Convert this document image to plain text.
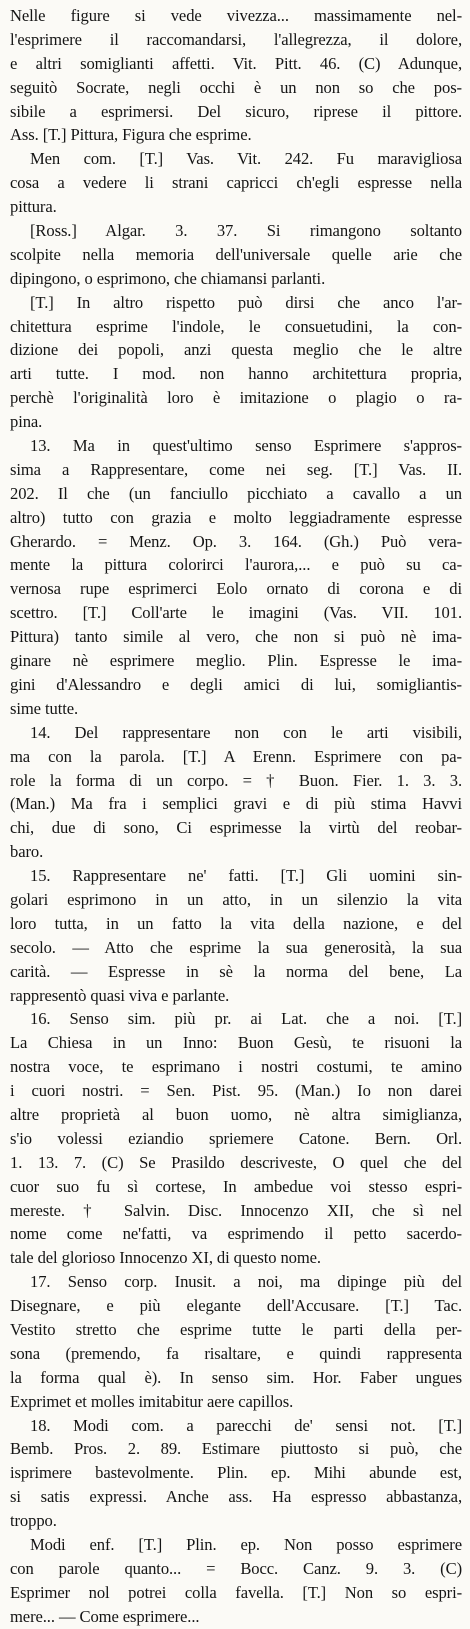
Nelle figure si vede vivezza... massimamente nel-
l'esprimere il raccomandarsi, l'allegrezza, il dolore,
e altri somiglianti affetti. Vit. Pitt. 46. (C) Adunque,
seguitò Socrate, negli occhi è un non so che pos-
sibile a esprimersi. Del sicuro, riprese il pittore.
Ass. [T.] Pittura, Figura che esprime.
Men com. [T.] Vas. Vit. 242. Fu maravigliosa
cosa a vedere li strani capricci ch'egli espresse nella
pittura.
[Ross.] Algar. 3. 37. Si rimangono soltanto
scolpite nella memoria dell'universale quelle arie che
dipingono, o esprimono, che chiamansi parlanti.
[T.] In altro rispetto può dirsi che anco l'ar-
chitettura esprime l'indole, le consuetudini, la con-
dizione dei popoli, anzi questa meglio che le altre
arti tutte. I mod. non hanno architettura propria,
perchè l'originalità loro è imitazione o plagio o ra-
pina.
13. Ma in quest'ultimo senso Esprimere s'appros-
sima a Rappresentare, come nei seg. [T.] Vas. II.
202. Il che (un fanciullo picchiato a cavallo a un
altro) tutto con grazia e molto leggiadramente espresse
Gherardo. = Menz. Op. 3. 164. (Gh.) Può vera-
mente la pittura colorirci l'aurora,... e può su ca-
vernosa rupe esprimerci Eolo ornato di corona e di
scettro. [T.] Coll'arte le imagini (Vas. VII. 101.
Pittura) tanto simile al vero, che non si può nè ima-
ginare nè esprimere meglio. Plin. Espresse le ima-
gini d'Alessandro e degli amici di lui, somigliantis-
sime tutte.
14. Del rappresentare non con le arti visibili,
ma con la parola. [T.] A Erenn. Esprimere con pa-
role la forma di un corpo. = † Buon. Fier. 1. 3. 3.
(Man.) Ma fra i semplici gravi e di più stima Havvi
chi, due di sono, Ci esprimesse la virtù del reobar-
baro.
15. Rappresentare ne' fatti. [T.] Gli uomini sin-
golari esprimono in un atto, in un silenzio la vita
loro tutta, in un fatto la vita della nazione, e del
secolo. — Atto che esprime la sua generosità, la sua
carità. — Espresse in sè la norma del bene, La
rappresentò quasi viva e parlante.
16. Senso sim. più pr. ai Lat. che a noi. [T.]
La Chiesa in un Inno: Buon Gesù, te risuoni la
nostra voce, te esprimano i nostri costumi, te amino
i cuori nostri. = Sen. Pist. 95. (Man.) Io non darei
altre proprietà al buon uomo, nè altra simiglianza,
s'io volessi eziandio spriemere Catone. Bern. Orl.
1. 13. 7. (C) Se Prasildo descriveste, O quel che del
cuor suo fu sì cortese, In ambedue voi stesso espri-
mereste. † Salvin. Disc. Innocenzo XII, che sì nel
nome come ne'fatti, va esprimendo il petto sacerdo-
tale del glorioso Innocenzo XI, di questo nome.
17. Senso corp. Inusit. a noi, ma dipinge più del
Disegnare, e più elegante dell'Accusare. [T.] Tac.
Vestito stretto che esprime tutte le parti della per-
sona (premendo, fa risaltare, e quindi rappresenta
la forma qual è). In senso sim. Hor. Faber ungues
Exprimet et molles imitabitur aere capillos.
18. Modi com. a parecchi de' sensi not. [T.]
Bemb. Pros. 2. 89. Estimare piuttosto si può, che
isprimere bastevolmente. Plin. ep. Mihi abunde est,
si satis expressi. Anche ass. Ha espresso abbastanza,
troppo.
Modi enf. [T.] Plin. ep. Non posso esprimere
con parole quanto... = Bocc. Canz. 9. 3. (C)
Esprimer nol potrei colla favella. [T.] Non so espri-
mere... — Come esprimere...
